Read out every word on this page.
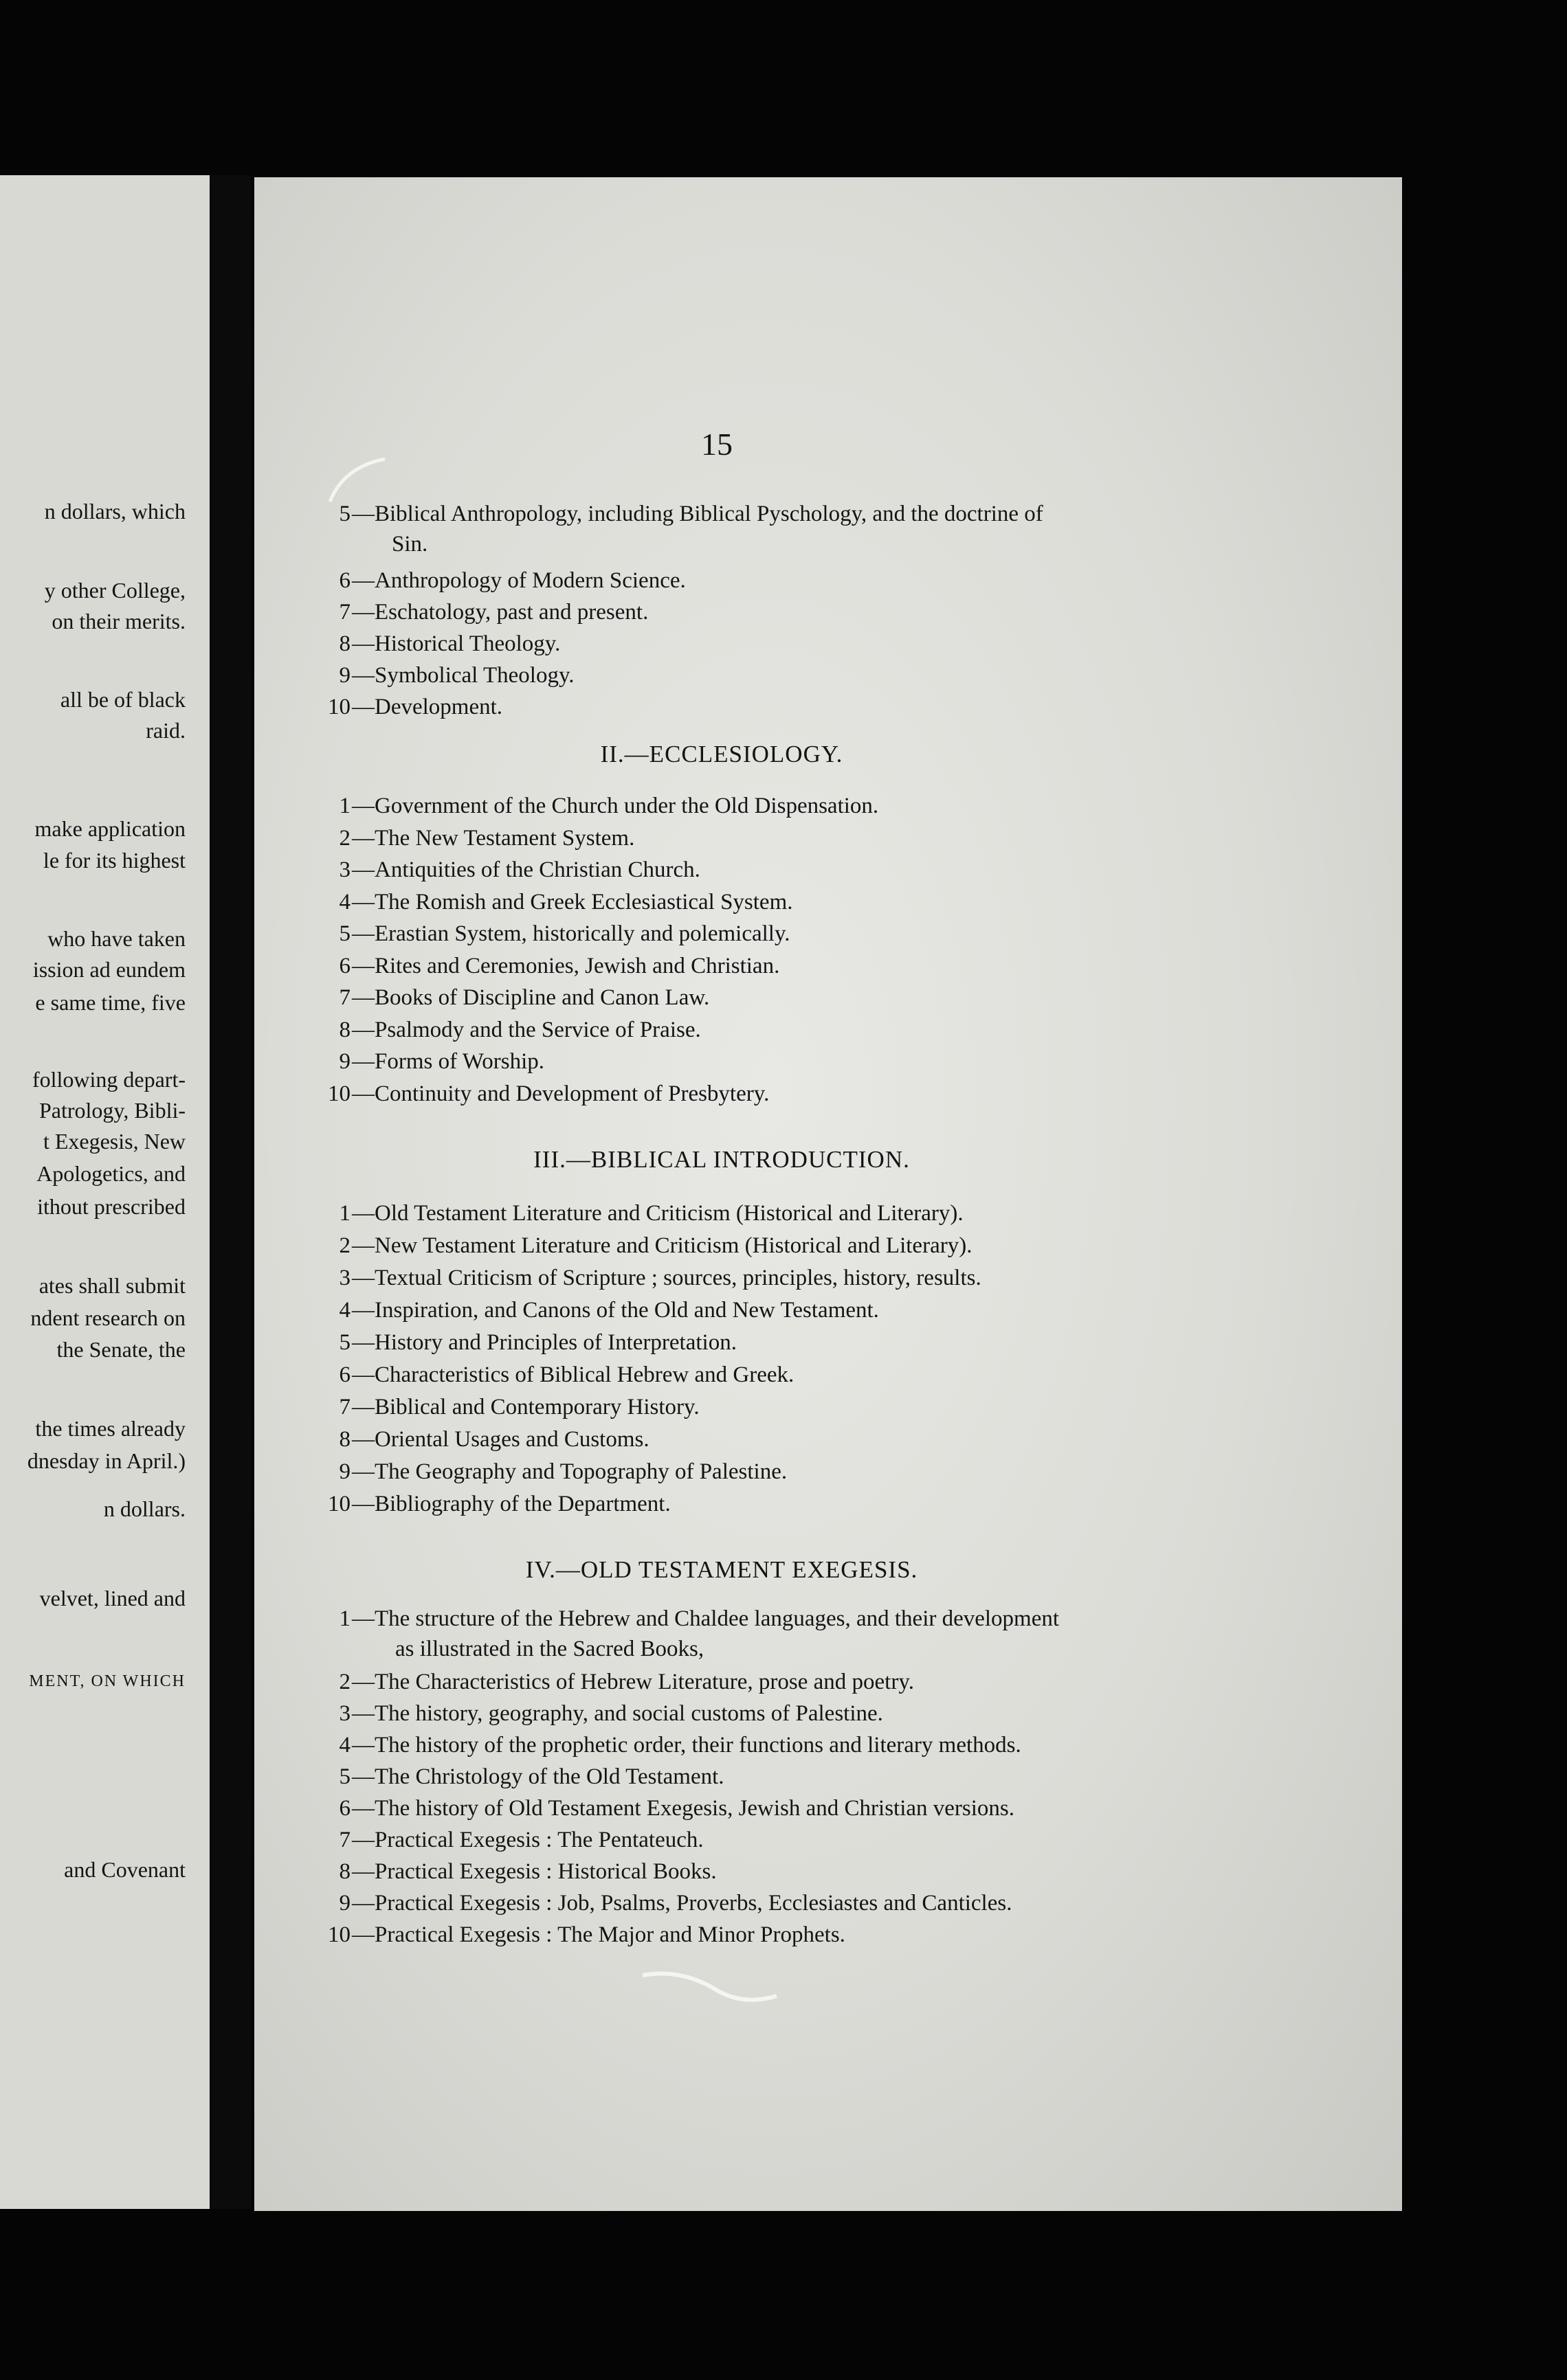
n dollars, which
y other College,
on their merits.
all be of black
raid.
make application
le for its highest
who have taken
ission ad eundem
e same time, five
following depart-
Patrology, Bibli-
t Exegesis, New
Apologetics, and
ithout prescribed
ates shall submit
ndent research on
the Senate, the
the times already
dnesday in April.)
n dollars.
velvet, lined and
MENT, ON WHICH
and Covenant
15
5 —Biblical Anthropology, including Biblical Pyschology, and the doctrine of
Sin.
6 —Anthropology of Modern Science.
7 —Eschatology, past and present.
8 —Historical Theology.
9 —Symbolical Theology.
10 —Development.
II.—ECCLESIOLOGY.
1 —Government of the Church under the Old Dispensation.
2 —The New Testament System.
3 —Antiquities of the Christian Church.
4 —The Romish and Greek Ecclesiastical System.
5 —Erastian System, historically and polemically.
6 —Rites and Ceremonies, Jewish and Christian.
7 —Books of Discipline and Canon Law.
8 —Psalmody and the Service of Praise.
9 —Forms of Worship.
10 —Continuity and Development of Presbytery.
III.—BIBLICAL INTRODUCTION.
1 —Old Testament Literature and Criticism (Historical and Literary).
2 —New Testament Literature and Criticism (Historical and Literary).
3 —Textual Criticism of Scripture ; sources, principles, history, results.
4 —Inspiration, and Canons of the Old and New Testament.
5 —History and Principles of Interpretation.
6 —Characteristics of Biblical Hebrew and Greek.
7 —Biblical and Contemporary History.
8 —Oriental Usages and Customs.
9 —The Geography and Topography of Palestine.
10 —Bibliography of the Department.
IV.—OLD TESTAMENT EXEGESIS.
1 —The structure of the Hebrew and Chaldee languages, and their development
as illustrated in the Sacred Books,
2 —The Characteristics of Hebrew Literature, prose and poetry.
3 —The history, geography, and social customs of Palestine.
4 —The history of the prophetic order, their functions and literary methods.
5 —The Christology of the Old Testament.
6 —The history of Old Testament Exegesis, Jewish and Christian versions.
7 —Practical Exegesis : The Pentateuch.
8 —Practical Exegesis : Historical Books.
9 —Practical Exegesis : Job, Psalms, Proverbs, Ecclesiastes and Canticles.
10 —Practical Exegesis : The Major and Minor Prophets.
